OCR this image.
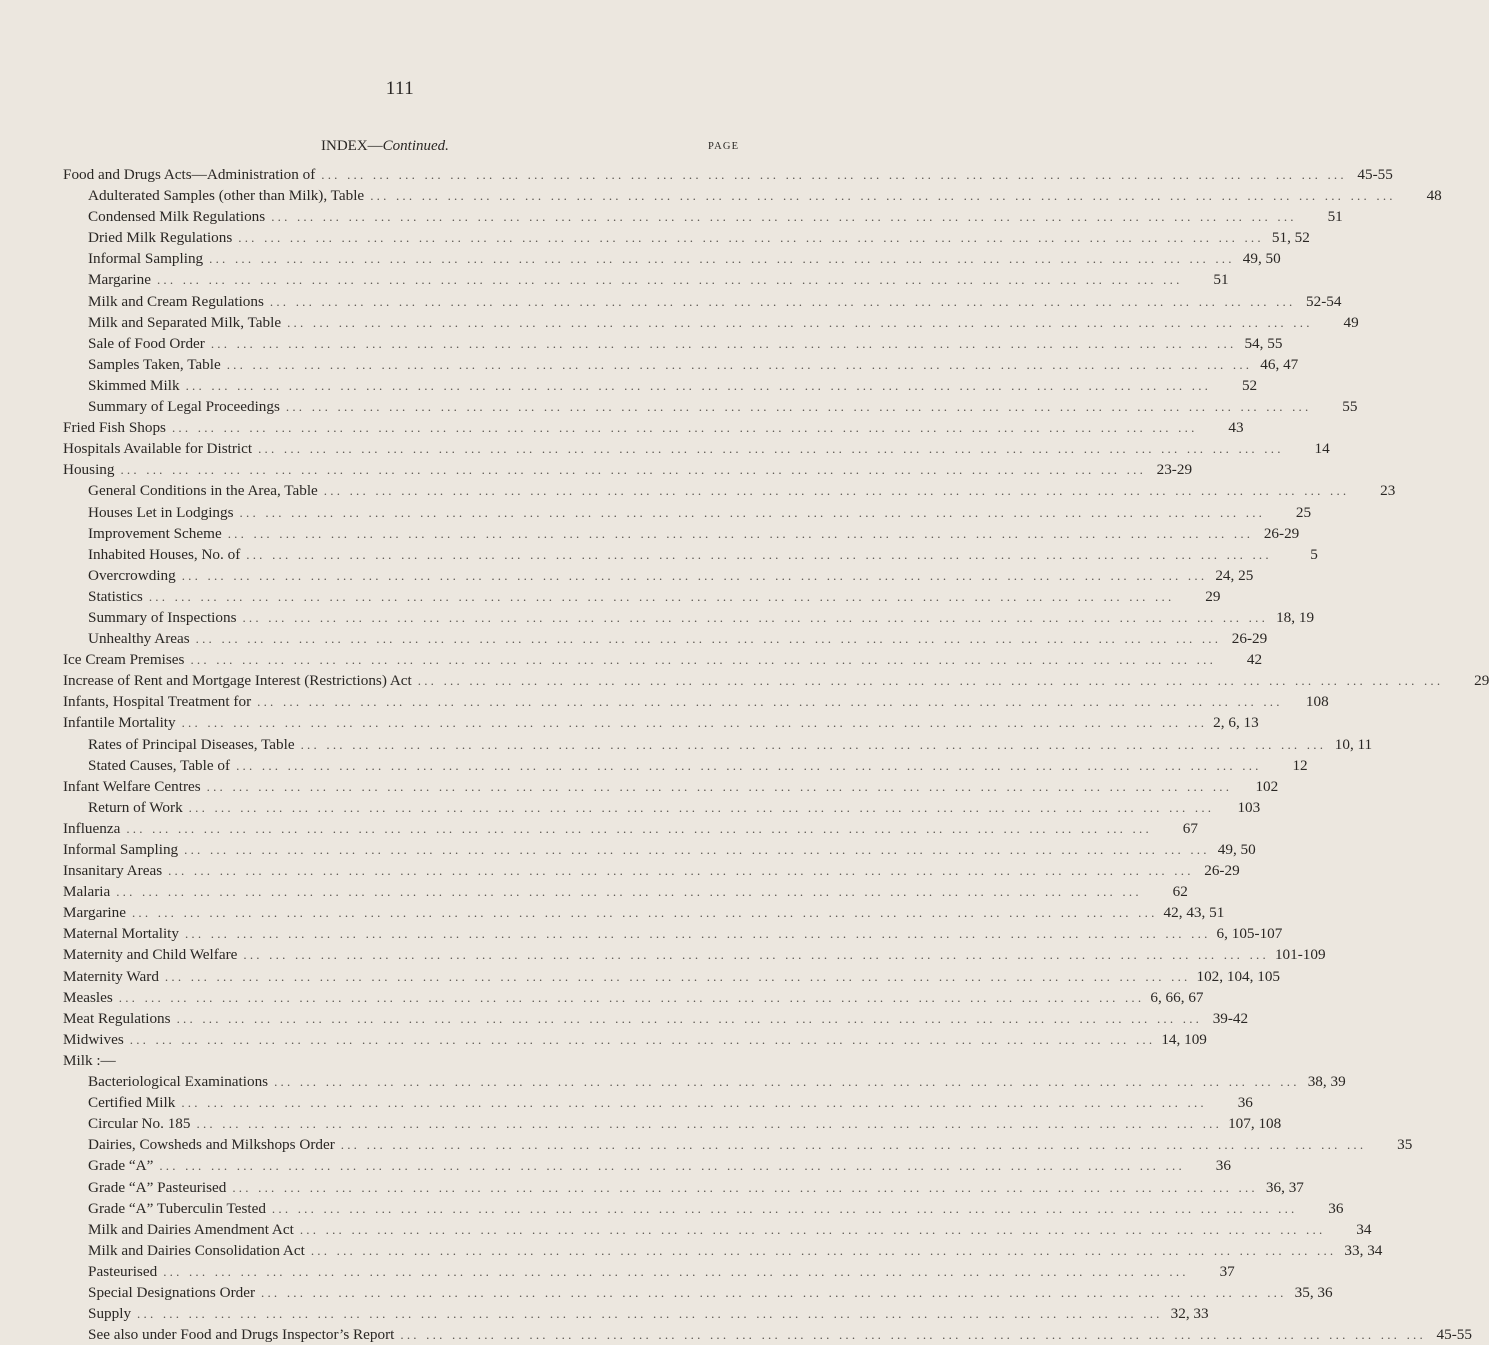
111
INDEX—Continued.	PAGE
Food and Drugs Acts—Administration of ... ... ... ... ... ... ... ... ... ... ... ... ... ... ... ... ... ... ... ... ... ... ... ... ... ... ... ... ... ... ... ... ... ... ... ... ... ... ... ... 45-55
Adulterated Samples (other than Milk), Table ... ... ... ... ... ... ... ... ... ... ... ... ... ... ... ... ... ... ... ... ... ... ... ... ... ... ... ... ... ... ... ... ... ... ... ... ... ... ... ...	48
Condensed Milk Regulations ... ... ... ... ... ... ... ... ... ... ... ... ... ... ... ... ... ... ... ... ... ... ... ... ... ... ... ... ... ... ... ... ... ... ... ... ... ... ... ...	51
Dried Milk Regulations ... ... ... ... ... ... ... ... ... ... ... ... ... ... ... ... ... ... ... ... ... ... ... ... ... ... ... ... ... ... ... ... ... ... ... ... ... ... ... ... 51, 52
Informal Sampling ... ... ... ... ... ... ... ... ... ... ... ... ... ... ... ... ... ... ... ... ... ... ... ... ... ... ... ... ... ... ... ... ... ... ... ... ... ... ... ... 49, 50
Margarine ... ... ... ... ... ... ... ... ... ... ... ... ... ... ... ... ... ... ... ... ... ... ... ... ... ... ... ... ... ... ... ... ... ... ... ... ... ... ... ...	51
Milk and Cream Regulations ... ... ... ... ... ... ... ... ... ... ... ... ... ... ... ... ... ... ... ... ... ... ... ... ... ... ... ... ... ... ... ... ... ... ... ... ... ... ... ... 52-54
Milk and Separated Milk, Table ... ... ... ... ... ... ... ... ... ... ... ... ... ... ... ... ... ... ... ... ... ... ... ... ... ... ... ... ... ... ... ... ... ... ... ... ... ... ... ...	49
Sale of Food Order ... ... ... ... ... ... ... ... ... ... ... ... ... ... ... ... ... ... ... ... ... ... ... ... ... ... ... ... ... ... ... ... ... ... ... ... ... ... ... ... 54, 55
Samples Taken, Table ... ... ... ... ... ... ... ... ... ... ... ... ... ... ... ... ... ... ... ... ... ... ... ... ... ... ... ... ... ... ... ... ... ... ... ... ... ... ... ... 46, 47
Skimmed Milk ... ... ... ... ... ... ... ... ... ... ... ... ... ... ... ... ... ... ... ... ... ... ... ... ... ... ... ... ... ... ... ... ... ... ... ... ... ... ... ...	52
Summary of Legal Proceedings ... ... ... ... ... ... ... ... ... ... ... ... ... ... ... ... ... ... ... ... ... ... ... ... ... ... ... ... ... ... ... ... ... ... ... ... ... ... ... ...	55
Fried Fish Shops ... ... ... ... ... ... ... ... ... ... ... ... ... ... ... ... ... ... ... ... ... ... ... ... ... ... ... ... ... ... ... ... ... ... ... ... ... ... ... ...	43
Hospitals Available for District ... ... ... ... ... ... ... ... ... ... ... ... ... ... ... ... ... ... ... ... ... ... ... ... ... ... ... ... ... ... ... ... ... ... ... ... ... ... ... ...	14
Housing ... ... ... ... ... ... ... ... ... ... ... ... ... ... ... ... ... ... ... ... ... ... ... ... ... ... ... ... ... ... ... ... ... ... ... ... ... ... ... ... 23-29
General Conditions in the Area, Table ... ... ... ... ... ... ... ... ... ... ... ... ... ... ... ... ... ... ... ... ... ... ... ... ... ... ... ... ... ... ... ... ... ... ... ... ... ... ... ...	23
Houses Let in Lodgings ... ... ... ... ... ... ... ... ... ... ... ... ... ... ... ... ... ... ... ... ... ... ... ... ... ... ... ... ... ... ... ... ... ... ... ... ... ... ... ...	25
Improvement Scheme ... ... ... ... ... ... ... ... ... ... ... ... ... ... ... ... ... ... ... ... ... ... ... ... ... ... ... ... ... ... ... ... ... ... ... ... ... ... ... ... 26-29
Inhabited Houses, No. of ... ... ... ... ... ... ... ... ... ... ... ... ... ... ... ... ... ... ... ... ... ... ... ... ... ... ... ... ... ... ... ... ... ... ... ... ... ... ... ...	5
Overcrowding ... ... ... ... ... ... ... ... ... ... ... ... ... ... ... ... ... ... ... ... ... ... ... ... ... ... ... ... ... ... ... ... ... ... ... ... ... ... ... ... 24, 25
Statistics ... ... ... ... ... ... ... ... ... ... ... ... ... ... ... ... ... ... ... ... ... ... ... ... ... ... ... ... ... ... ... ... ... ... ... ... ... ... ... ...	29
Summary of Inspections ... ... ... ... ... ... ... ... ... ... ... ... ... ... ... ... ... ... ... ... ... ... ... ... ... ... ... ... ... ... ... ... ... ... ... ... ... ... ... ... 18, 19
Unhealthy Areas ... ... ... ... ... ... ... ... ... ... ... ... ... ... ... ... ... ... ... ... ... ... ... ... ... ... ... ... ... ... ... ... ... ... ... ... ... ... ... ... 26-29
Ice Cream Premises ... ... ... ... ... ... ... ... ... ... ... ... ... ... ... ... ... ... ... ... ... ... ... ... ... ... ... ... ... ... ... ... ... ... ... ... ... ... ... ...	42
Increase of Rent and Mortgage Interest (Restrictions) Act ... ... ... ... ... ... ... ... ... ... ... ... ... ... ... ... ... ... ... ... ... ... ... ... ... ... ... ... ... ... ... ... ... ... ... ... ... ... ... ...	29
Infants, Hospital Treatment for ... ... ... ... ... ... ... ... ... ... ... ... ... ... ... ... ... ... ... ... ... ... ... ... ... ... ... ... ... ... ... ... ... ... ... ... ... ... ... ...	108
Infantile Mortality ... ... ... ... ... ... ... ... ... ... ... ... ... ... ... ... ... ... ... ... ... ... ... ... ... ... ... ... ... ... ... ... ... ... ... ... ... ... ... ... 2, 6, 13
Rates of Principal Diseases, Table ... ... ... ... ... ... ... ... ... ... ... ... ... ... ... ... ... ... ... ... ... ... ... ... ... ... ... ... ... ... ... ... ... ... ... ... ... ... ... ... 10, 11
Stated Causes, Table of ... ... ... ... ... ... ... ... ... ... ... ... ... ... ... ... ... ... ... ... ... ... ... ... ... ... ... ... ... ... ... ... ... ... ... ... ... ... ... ...	12
Infant Welfare Centres ... ... ... ... ... ... ... ... ... ... ... ... ... ... ... ... ... ... ... ... ... ... ... ... ... ... ... ... ... ... ... ... ... ... ... ... ... ... ... ...	102
Return of Work ... ... ... ... ... ... ... ... ... ... ... ... ... ... ... ... ... ... ... ... ... ... ... ... ... ... ... ... ... ... ... ... ... ... ... ... ... ... ... ...	103
Influenza ... ... ... ... ... ... ... ... ... ... ... ... ... ... ... ... ... ... ... ... ... ... ... ... ... ... ... ... ... ... ... ... ... ... ... ... ... ... ... ...	67
Informal Sampling ... ... ... ... ... ... ... ... ... ... ... ... ... ... ... ... ... ... ... ... ... ... ... ... ... ... ... ... ... ... ... ... ... ... ... ... ... ... ... ... 49, 50
Insanitary Areas ... ... ... ... ... ... ... ... ... ... ... ... ... ... ... ... ... ... ... ... ... ... ... ... ... ... ... ... ... ... ... ... ... ... ... ... ... ... ... ... 26-29
Malaria ... ... ... ... ... ... ... ... ... ... ... ... ... ... ... ... ... ... ... ... ... ... ... ... ... ... ... ... ... ... ... ... ... ... ... ... ... ... ... ...	62
Margarine ... ... ... ... ... ... ... ... ... ... ... ... ... ... ... ... ... ... ... ... ... ... ... ... ... ... ... ... ... ... ... ... ... ... ... ... ... ... ... ... 42, 43, 51
Maternal Mortality ... ... ... ... ... ... ... ... ... ... ... ... ... ... ... ... ... ... ... ... ... ... ... ... ... ... ... ... ... ... ... ... ... ... ... ... ... ... ... ... 6, 105-107
Maternity and Child Welfare ... ... ... ... ... ... ... ... ... ... ... ... ... ... ... ... ... ... ... ... ... ... ... ... ... ... ... ... ... ... ... ... ... ... ... ... ... ... ... ... 101-109
Maternity Ward ... ... ... ... ... ... ... ... ... ... ... ... ... ... ... ... ... ... ... ... ... ... ... ... ... ... ... ... ... ... ... ... ... ... ... ... ... ... ... ... 102, 104, 105
Measles ... ... ... ... ... ... ... ... ... ... ... ... ... ... ... ... ... ... ... ... ... ... ... ... ... ... ... ... ... ... ... ... ... ... ... ... ... ... ... ... 6, 66, 67
Meat Regulations ... ... ... ... ... ... ... ... ... ... ... ... ... ... ... ... ... ... ... ... ... ... ... ... ... ... ... ... ... ... ... ... ... ... ... ... ... ... ... ... 39-42
Midwives ... ... ... ... ... ... ... ... ... ... ... ... ... ... ... ... ... ... ... ... ... ... ... ... ... ... ... ... ... ... ... ... ... ... ... ... ... ... ... ... 14, 109
Milk :—
Bacteriological Examinations ... ... ... ... ... ... ... ... ... ... ... ... ... ... ... ... ... ... ... ... ... ... ... ... ... ... ... ... ... ... ... ... ... ... ... ... ... ... ... ... 38, 39
Certified Milk ... ... ... ... ... ... ... ... ... ... ... ... ... ... ... ... ... ... ... ... ... ... ... ... ... ... ... ... ... ... ... ... ... ... ... ... ... ... ... ...	36
Circular No. 185 ... ... ... ... ... ... ... ... ... ... ... ... ... ... ... ... ... ... ... ... ... ... ... ... ... ... ... ... ... ... ... ... ... ... ... ... ... ... ... ... 107, 108
Dairies, Cowsheds and Milkshops Order ... ... ... ... ... ... ... ... ... ... ... ... ... ... ... ... ... ... ... ... ... ... ... ... ... ... ... ... ... ... ... ... ... ... ... ... ... ... ... ...	35
Grade “A” ... ... ... ... ... ... ... ... ... ... ... ... ... ... ... ... ... ... ... ... ... ... ... ... ... ... ... ... ... ... ... ... ... ... ... ... ... ... ... ...	36
Grade “A” Pasteurised ... ... ... ... ... ... ... ... ... ... ... ... ... ... ... ... ... ... ... ... ... ... ... ... ... ... ... ... ... ... ... ... ... ... ... ... ... ... ... ... 36, 37
Grade “A” Tuberculin Tested ... ... ... ... ... ... ... ... ... ... ... ... ... ... ... ... ... ... ... ... ... ... ... ... ... ... ... ... ... ... ... ... ... ... ... ... ... ... ... ...	36
Milk and Dairies Amendment Act ... ... ... ... ... ... ... ... ... ... ... ... ... ... ... ... ... ... ... ... ... ... ... ... ... ... ... ... ... ... ... ... ... ... ... ... ... ... ... ...	34
Milk and Dairies Consolidation Act ... ... ... ... ... ... ... ... ... ... ... ... ... ... ... ... ... ... ... ... ... ... ... ... ... ... ... ... ... ... ... ... ... ... ... ... ... ... ... ... 33, 34
Pasteurised ... ... ... ... ... ... ... ... ... ... ... ... ... ... ... ... ... ... ... ... ... ... ... ... ... ... ... ... ... ... ... ... ... ... ... ... ... ... ... ...	37
Special Designations Order ... ... ... ... ... ... ... ... ... ... ... ... ... ... ... ... ... ... ... ... ... ... ... ... ... ... ... ... ... ... ... ... ... ... ... ... ... ... ... ... 35, 36
Supply ... ... ... ... ... ... ... ... ... ... ... ... ... ... ... ... ... ... ... ... ... ... ... ... ... ... ... ... ... ... ... ... ... ... ... ... ... ... ... ... 32, 33
See also under Food and Drugs Inspector’s Report ... ... ... ... ... ... ... ... ... ... ... ... ... ... ... ... ... ... ... ... ... ... ... ... ... ... ... ... ... ... ... ... ... ... ... ... ... ... ... ... 45-55
